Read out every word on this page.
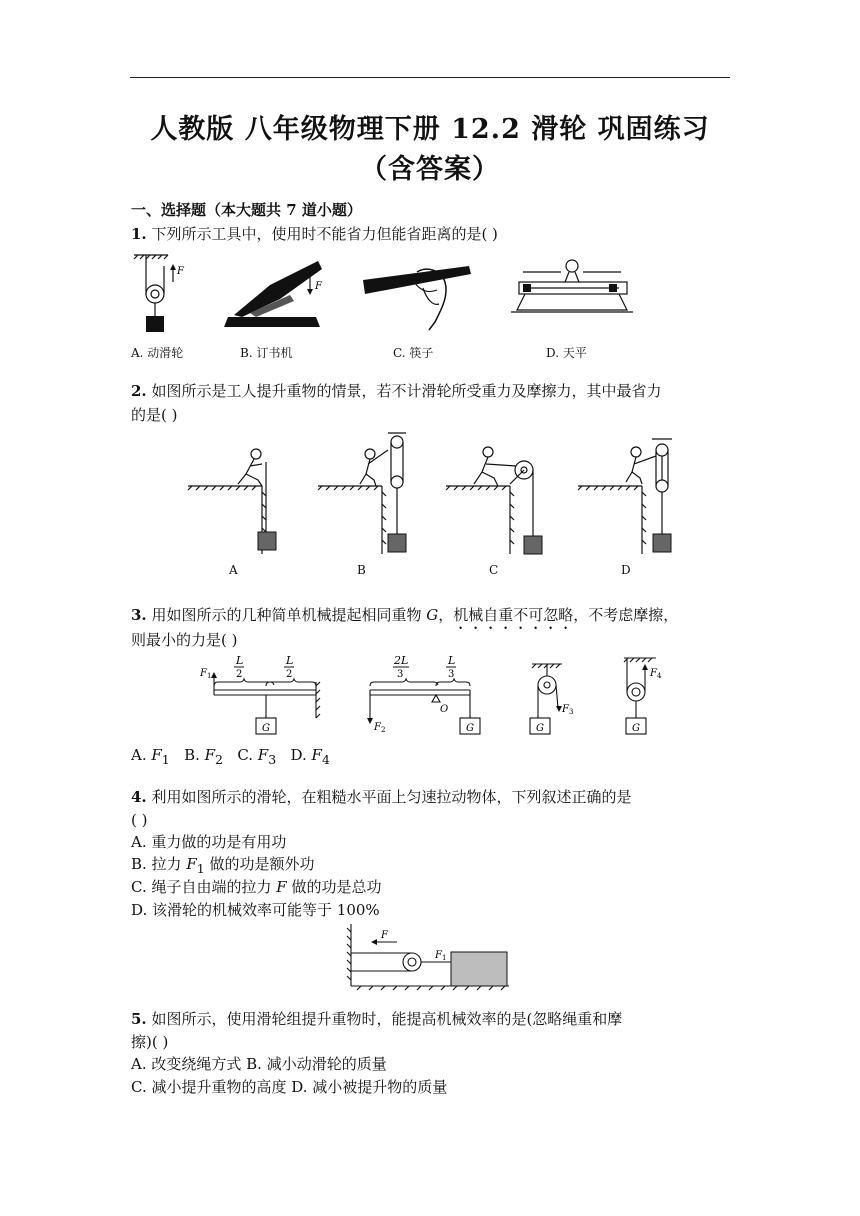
人教版 八年级物理下册 12.2 滑轮 巩固练习
（含答案）
一、选择题（本大题共 7 道小题）
1. 下列所示工具中，使用时不能省力但能省距离的是( )
F
F
A. 动滑轮	B. 订书机	C. 筷子	D. 天平
2. 如图所示是工人提升重物的情景，若不计滑轮所受重力及摩擦力，其中最省力
的是( )
A	B	C	D
3. 用如图所示的几种简单机械提起相同重物 G，机械自重不可忽略，不考虑摩擦，
则最小的力是( )
F 1
L
2
L
2
G	F 2
2L
3
L
3
O
G
F 3
G
F 4
G
A. $F_1$ B. $F_2$ C. $F_3$ D. $F_4$
4. 利用如图所示的滑轮，在粗糙水平面上匀速拉动物体，下列叙述正确的是
( )
A. 重力做的功是有用功
B. 拉力 $F_1$ 做的功是额外功
C. 绳子自由端的拉力 F 做的功是总功
D. 该滑轮的机械效率可能等于 100%
F
F 1
5. 如图所示，使用滑轮组提升重物时，能提高机械效率的是(忽略绳重和摩
擦)( )
A. 改变绕绳方式 B. 减小动滑轮的质量
C. 减小提升重物的高度 D. 减小被提升物的质量
